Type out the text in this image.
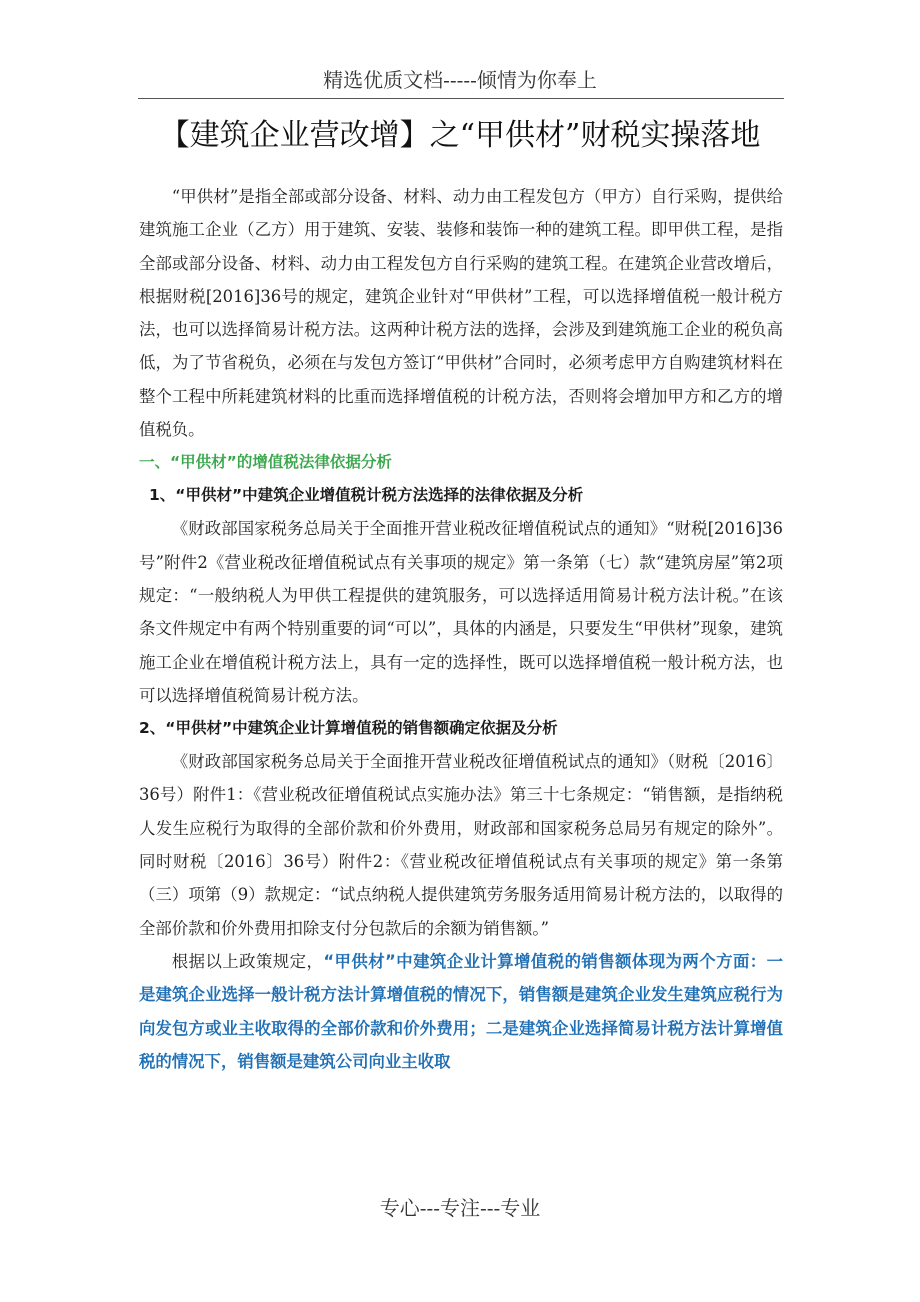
精选优质文档-----倾情为你奉上
【建筑企业营改增】之“甲供材”财税实操落地

“甲供材”是指全部或部分设备、材料、动力由工程发包方（甲方）自行采购，提供给建筑施工企业（乙方）用于建筑、安装、装修和装饰一种的建筑工程。即甲供工程，是指全部或部分设备、材料、动力由工程发包方自行采购的建筑工程。在建筑企业营改增后，根据财税[2016]36号的规定，建筑企业针对“甲供材”工程，可以选择增值税一般计税方法，也可以选择简易计税方法。这两种计税方法的选择，会涉及到建筑施工企业的税负高低，为了节省税负，必须在与发包方签订“甲供材”合同时，必须考虑甲方自购建筑材料在整个工程中所耗建筑材料的比重而选择增值税的计税方法，否则将会增加甲方和乙方的增值税负。

一、“甲供材”的增值税法律依据分析

1、“甲供材”中建筑企业增值税计税方法选择的法律依据及分析

《财政部国家税务总局关于全面推开营业税改征增值税试点的通知》“财税[2016]36号”附件2《营业税改征增值税试点有关事项的规定》第一条第（七）款“建筑房屋”第2项规定：“一般纳税人为甲供工程提供的建筑服务，可以选择适用简易计税方法计税。”在该条文件规定中有两个特别重要的词“可以”，具体的内涵是，只要发生“甲供材”现象，建筑施工企业在增值税计税方法上，具有一定的选择性，既可以选择增值税一般计税方法，也可以选择增值税简易计税方法。

2、“甲供材”中建筑企业计算增值税的销售额确定依据及分析

《财政部国家税务总局关于全面推开营业税改征增值税试点的通知》（财税〔2016〕36号）附件1：《营业税改征增值税试点实施办法》第三十七条规定：“销售额，是指纳税人发生应税行为取得的全部价款和价外费用，财政部和国家税务总局另有规定的除外”。同时财税〔2016〕36号）附件2：《营业税改征增值税试点有关事项的规定》第一条第（三）项第（9）款规定：“试点纳税人提供建筑劳务服务适用简易计税方法的，以取得的全部价款和价外费用扣除支付分包款后的余额为销售额。”

根据以上政策规定，“甲供材”中建筑企业计算增值税的销售额体现为两个方面：一是建筑企业选择一般计税方法计算增值税的情况下，销售额是建筑企业发生建筑应税行为向发包方或业主收取得的全部价款和价外费用；二是建筑企业选择简易计税方法计算增值税的情况下，销售额是建筑公司向业主收取

专心---专注---专业
